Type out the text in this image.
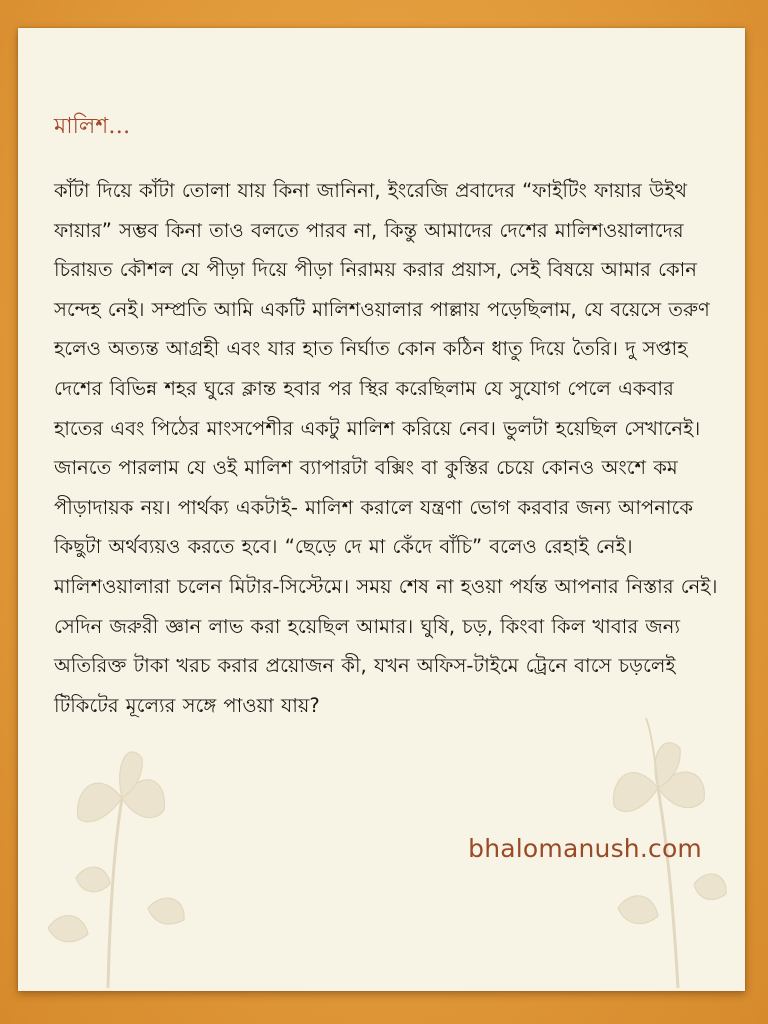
মালিশ…

কাঁটা দিয়ে কাঁটা তোলা যায় কিনা জানিনা, ইংরেজি প্রবাদের “ফাইটিং ফায়ার উইথ ফায়ার” সম্ভব কিনা তাও বলতে পারব না, কিন্তু আমাদের দেশের মালিশওয়ালাদের চিরায়ত কৌশল যে পীড়া দিয়ে পীড়া নিরাময় করার প্রয়াস, সেই বিষয়ে আমার কোন সন্দেহ নেই। সম্প্রতি আমি একটি মালিশওয়ালার পাল্লায় পড়েছিলাম, যে বয়েসে তরুণ হলেও অত্যন্ত আগ্রহী এবং যার হাত নির্ঘাত কোন কঠিন ধাতু দিয়ে তৈরি। দু সপ্তাহ দেশের বিভিন্ন শহর ঘুরে ক্লান্ত হবার পর স্থির করেছিলাম যে সুযোগ পেলে একবার হাতের এবং পিঠের মাংসপেশীর একটু মালিশ করিয়ে নেব। ভুলটা হয়েছিল সেখানেই। জানতে পারলাম যে ওই মালিশ ব্যাপারটা বক্সিং বা কুস্তির চেয়ে কোনও অংশে কম পীড়াদায়ক নয়। পার্থক্য একটাই- মালিশ করালে যন্ত্রণা ভোগ করবার জন্য আপনাকে কিছুটা অর্থব্যয়ও করতে হবে। “ছেড়ে দে মা কেঁদে বাঁচি” বলেও রেহাই নেই। মালিশওয়ালারা চলেন মিটার-সিস্টেমে। সময় শেষ না হওয়া পর্যন্ত আপনার নিস্তার নেই। সেদিন জরুরী জ্ঞান লাভ করা হয়েছিল আমার। ঘুষি, চড়, কিংবা কিল খাবার জন্য অতিরিক্ত টাকা খরচ করার প্রয়োজন কী, যখন অফিস-টাইমে ট্রেনে বাসে চড়লেই টিকিটের মূল্যের সঙ্গে পাওয়া যায়?

bhalomanush.com
